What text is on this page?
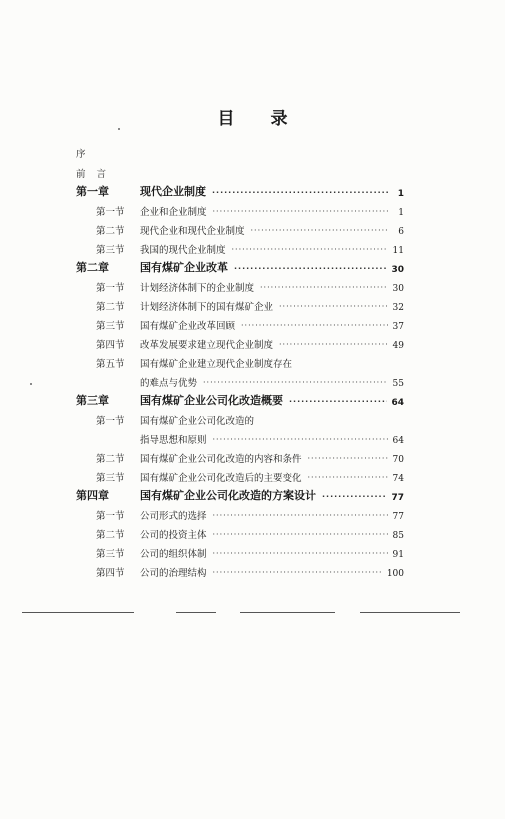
目 录
序
前 言
第一章	现代企业制度 ·····	1
第一节	企业和企业制度 ·····	1
第二节	现代企业和现代企业制度 ·····	6
第三节	我国的现代企业制度 ·····	11
第二章	国有煤矿企业改革 ·····	30
第一节	计划经济体制下的企业制度 ·····	30
第二节	计划经济体制下的国有煤矿企业 ·····	32
第三节	国有煤矿企业改革回顾 ·····	37
第四节	改革发展要求建立现代企业制度 ·····	49
第五节	国有煤矿企业建立现代企业制度存在
的难点与优势 ·····	55
第三章	国有煤矿企业公司化改造概要 ·····	64
第一节	国有煤矿企业公司化改造的
指导思想和原则 ·····	64
第二节	国有煤矿企业公司化改造的内容和条件 ·····	70
第三节	国有煤矿企业公司化改造后的主要变化 ·····	74
第四章	国有煤矿企业公司化改造的方案设计 ·····	77
第一节	公司形式的选择 ·····	77
第二节	公司的投资主体 ·····	85
第三节	公司的组织体制 ·····	91
第四节	公司的治理结构 ·····	100
